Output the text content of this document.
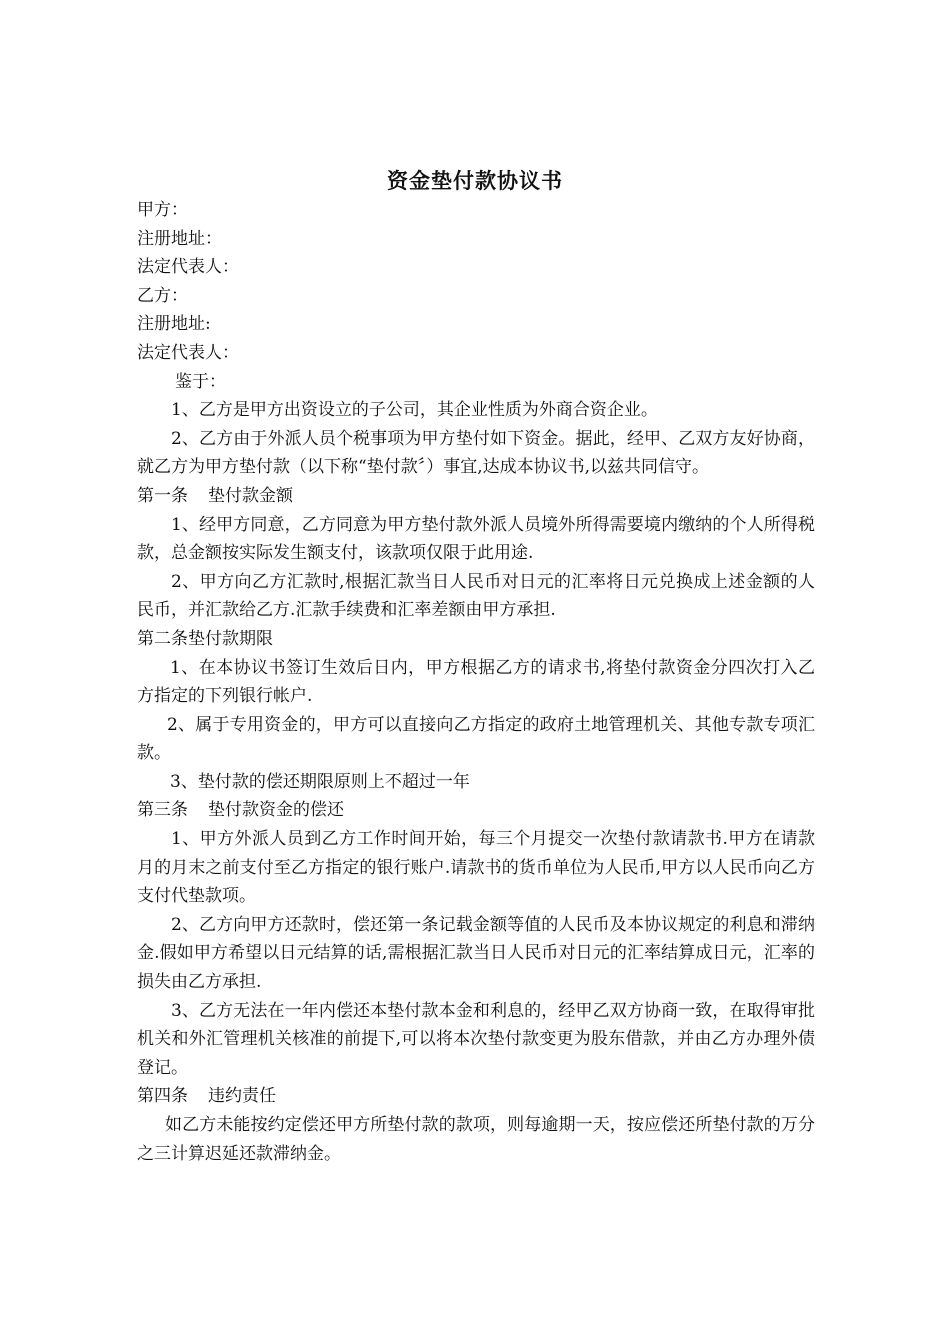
资金垫付款协议书

甲方：

注册地址：

法定代表人：

乙方：

注册地址:

法定代表人：

鉴于：

1、乙方是甲方出资设立的子公司，其企业性质为外商合资企业。

2、乙方由于外派人员个税事项为甲方垫付如下资金。据此，经甲、乙双方友好协商，就乙方为甲方垫付款（以下称“垫付款〞）事宜,达成本协议书,以兹共同信守。

第一条 垫付款金额

1、经甲方同意，乙方同意为甲方垫付款外派人员境外所得需要境内缴纳的个人所得税款，总金额按实际发生额支付，该款项仅限于此用途.

2、甲方向乙方汇款时,根据汇款当日人民币对日元的汇率将日元兑换成上述金额的人民币，并汇款给乙方.汇款手续费和汇率差额由甲方承担.

第二条垫付款期限

1、在本协议书签订生效后日内，甲方根据乙方的请求书,将垫付款资金分四次打入乙方指定的下列银行帐户.

2、属于专用资金的，甲方可以直接向乙方指定的政府土地管理机关、其他专款专项汇款。

3、垫付款的偿还期限原则上不超过一年

第三条 垫付款资金的偿还

1、甲方外派人员到乙方工作时间开始，每三个月提交一次垫付款请款书.甲方在请款月的月末之前支付至乙方指定的银行账户.请款书的货币单位为人民币,甲方以人民币向乙方支付代垫款项。

2、乙方向甲方还款时，偿还第一条记载金额等值的人民币及本协议规定的利息和滞纳金.假如甲方希望以日元结算的话,需根据汇款当日人民币对日元的汇率结算成日元，汇率的损失由乙方承担.

3、乙方无法在一年内偿还本垫付款本金和利息的，经甲乙双方协商一致，在取得审批机关和外汇管理机关核准的前提下,可以将本次垫付款变更为股东借款，并由乙方办理外债登记。

第四条 违约责任

如乙方未能按约定偿还甲方所垫付款的款项，则每逾期一天，按应偿还所垫付款的万分之三计算迟延还款滞纳金。
